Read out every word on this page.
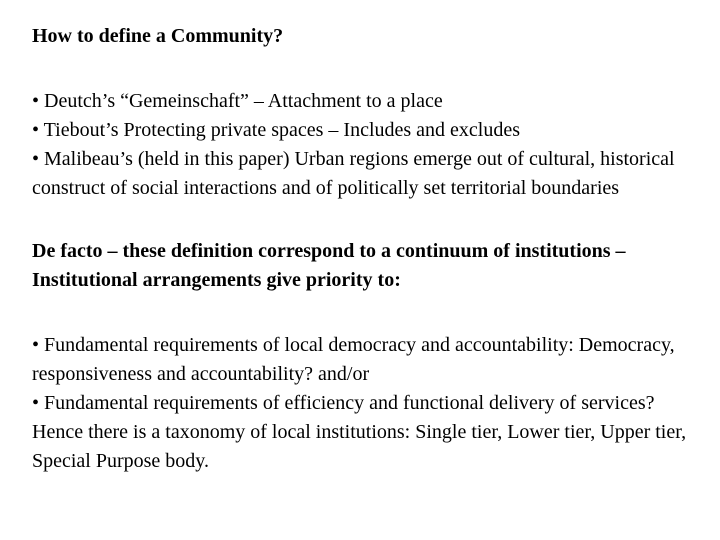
How to define a Community?

• Deutch’s “Gemeinschaft” – Attachment to a place
• Tiebout’s Protecting private spaces – Includes and excludes
• Malibeau’s (held in this paper) Urban regions emerge out of cultural, historical construct of social interactions and of politically set territorial boundaries

De facto – these definition correspond to a continuum of institutions – Institutional arrangements give priority to:

• Fundamental requirements of local democracy and accountability: Democracy, responsiveness and accountability? and/or
• Fundamental requirements of efficiency and functional delivery of services?

Hence there is a taxonomy of local institutions: Single tier, Lower tier, Upper tier, Special Purpose body.
